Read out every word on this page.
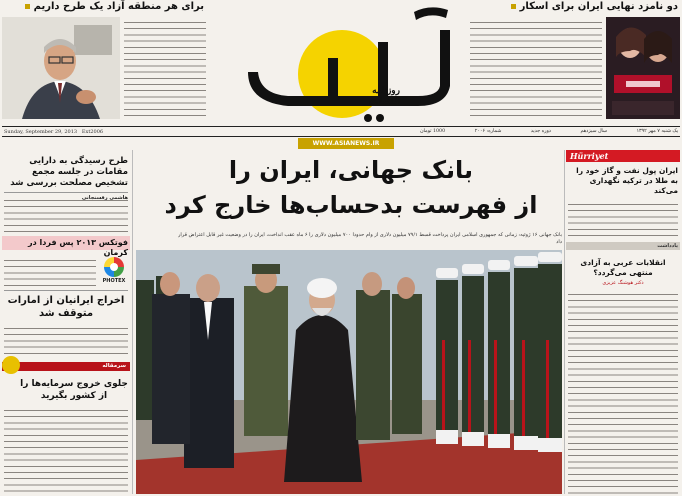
برای هر منطقه آزاد یک طرح داریم
روزنامه اقتصادی
دو نامزد نهایی ایران برای اسکار
Sunday, September 29, 2013 Ext2006
WWW.ASIANEWS.IR
یک شنبه ۷ مهر ۱۳۹۲
سال سیزدهم
دوره جدید
شماره: ۲۰۰۶
1000 تومان
بانک جهانی، ایران را
از فهرست بدحساب‌ها خارج کرد
بانک جهانی ۱۶ ژوئیه: زمانی که جمهوری اسلامی ایران پرداخت قسط ۷۹/۱ میلیون دلاری از وام حدودا ۷۰۰ میلیون دلاری را ۶ ماه عقب انداخت، ایران را در وضعیت غیر قابل اعتراض قرار داد
طرح رسیدگی به دارایی مقامات در جلسه مجمع تشخیص مصلحت بررسی شد
هاشمی رفسنجانی
فوتکس ۲۰۱۳ پس فردا در کرمان
PHOTEX
اخراج ایرانیان از امارات متوقف شد
سرمقاله
جلوی خروج سرمایه‌ها را از کشور بگیرید
Hürriyet
ایران پول نفت و گاز خود را به طلا در ترکیه نگهداری می‌کند
یادداشت
انقلابات عربی به آزادی منتهی می‌گردد؟
دکتر هوشنگ عزیزی
